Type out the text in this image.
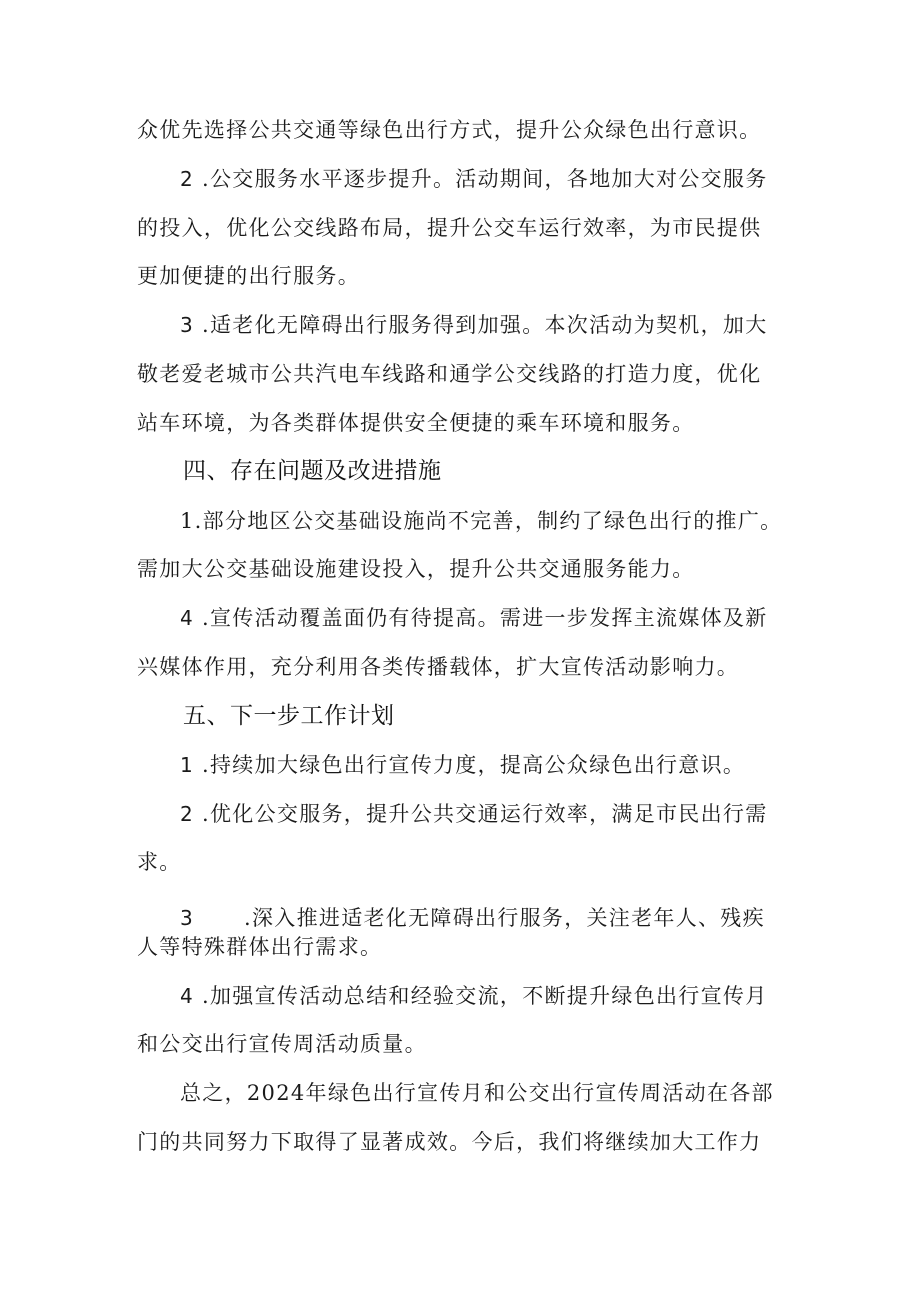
众优先选择公共交通等绿色出行方式，提升公众绿色出行意识。
2 .公交服务水平逐步提升。活动期间，各地加大对公交服务
的投入，优化公交线路布局，提升公交车运行效率，为市民提供
更加便捷的出行服务。
3 .适老化无障碍出行服务得到加强。本次活动为契机，加大
敬老爱老城市公共汽电车线路和通学公交线路的打造力度，优化
站车环境，为各类群体提供安全便捷的乘车环境和服务。
四、存在问题及改进措施
1.部分地区公交基础设施尚不完善，制约了绿色出行的推广。
需加大公交基础设施建设投入，提升公共交通服务能力。
4 .宣传活动覆盖面仍有待提高。需进一步发挥主流媒体及新
兴媒体作用，充分利用各类传播载体，扩大宣传活动影响力。
五、下一步工作计划
1 .持续加大绿色出行宣传力度，提高公众绿色出行意识。
2 .优化公交服务，提升公共交通运行效率，满足市民出行需
求。
3 .深入推进适老化无障碍出行服务，关注老年人、残疾
人等特殊群体出行需求。
4 .加强宣传活动总结和经验交流，不断提升绿色出行宣传月
和公交出行宣传周活动质量。
总之，2024年绿色出行宣传月和公交出行宣传周活动在各部
门的共同努力下取得了显著成效。今后，我们将继续加大工作力
